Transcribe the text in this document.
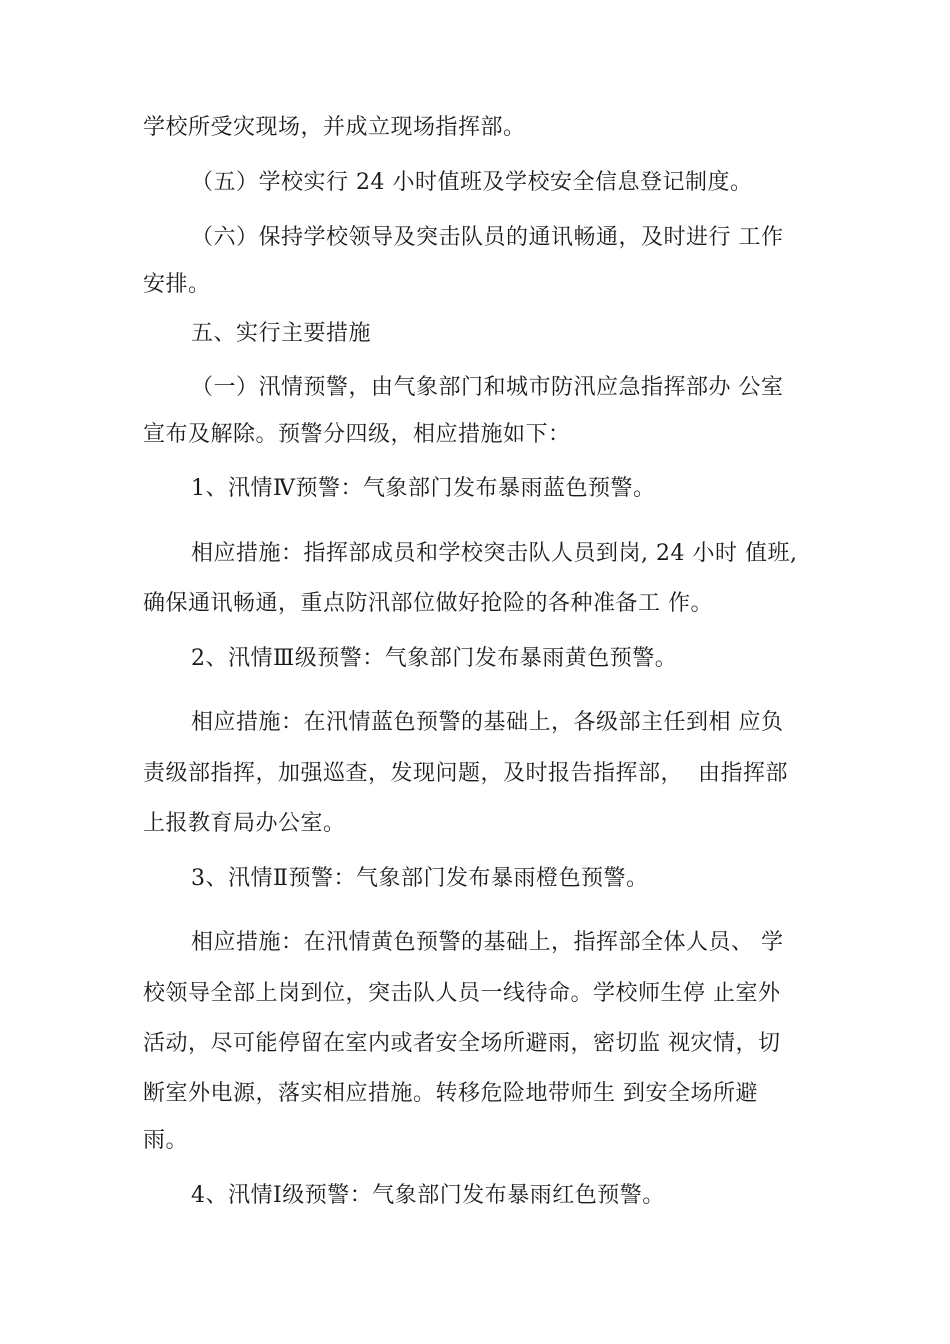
学校所受灾现场，并成立现场指挥部。
（五）学校实行 24 小时值班及学校安全信息登记制度。
（六）保持学校领导及突击队员的通讯畅通，及时进行 工作
安排。
五、实行主要措施
（一）汛情预警，由气象部门和城市防汛应急指挥部办 公室
宣布及解除。预警分四级，相应措施如下：
1、汛情Ⅳ预警：气象部门发布暴雨蓝色预警。
相应措施：指挥部成员和学校突击队人员到岗, 24 小时 值班,
确保通讯畅通，重点防汛部位做好抢险的各种准备工 作。
2、汛情Ⅲ级预警：气象部门发布暴雨黄色预警。
相应措施：在汛情蓝色预警的基础上，各级部主任到相 应负
责级部指挥，加强巡查，发现问题，及时报告指挥部，  由指挥部
上报教育局办公室。
3、汛情Ⅱ预警：气象部门发布暴雨橙色预警。
相应措施：在汛情黄色预警的基础上，指挥部全体人员、 学
校领导全部上岗到位，突击队人员一线待命。学校师生停 止室外
活动，尽可能停留在室内或者安全场所避雨，密切监 视灾情，切
断室外电源，落实相应措施。转移危险地带师生 到安全场所避
雨。
4、汛情Ⅰ级预警：气象部门发布暴雨红色预警。
